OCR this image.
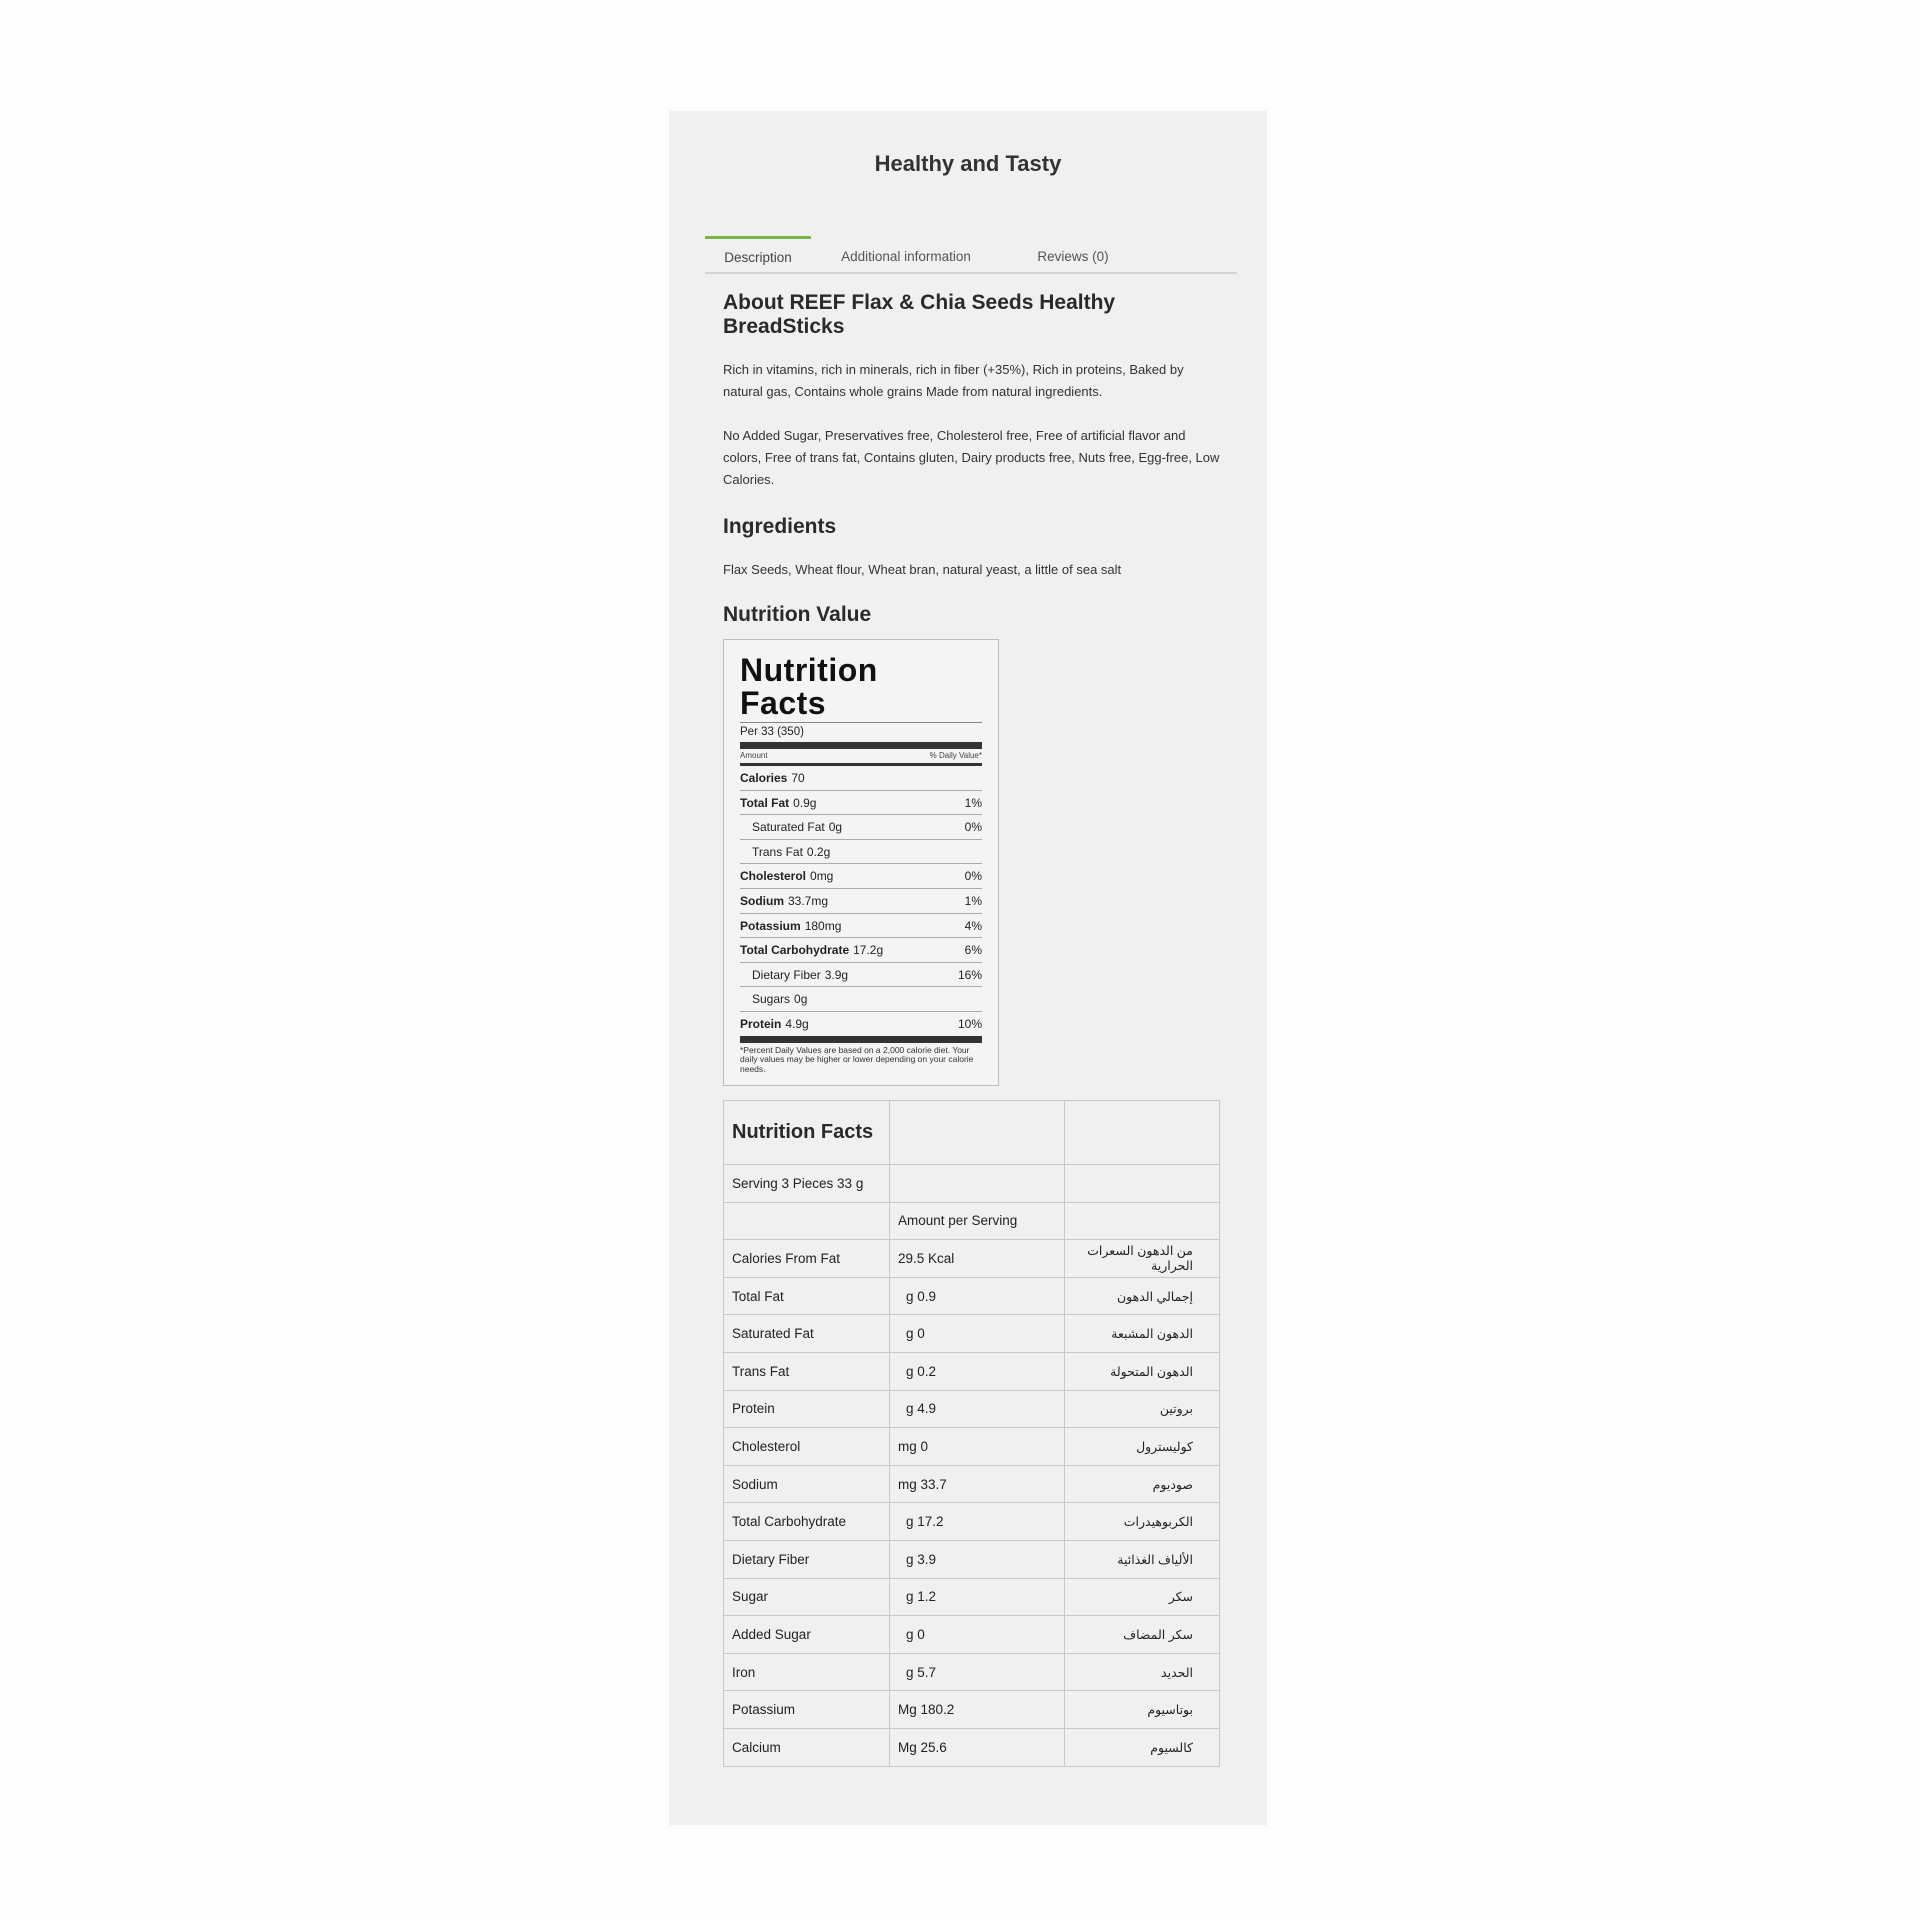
Healthy and Tasty
Description	Additional information	Reviews (0)
About REEF Flax & Chia Seeds Healthy BreadSticks

Rich in vitamins, rich in minerals, rich in fiber (+35%), Rich in proteins, Baked by natural gas, Contains whole grains Made from natural ingredients.

No Added Sugar, Preservatives free, Cholesterol free, Free of artificial flavor and colors, Free of trans fat, Contains gluten, Dairy products free, Nuts free, Egg-free, Low Calories.

Ingredients

Flax Seeds, Wheat flour, Wheat bran, natural yeast, a little of sea salt

Nutrition Value
Nutrition
Facts
Per 33 (350)
Amount	% Daily Value*
Calories 70
Total Fat 0.9g	1%
Saturated Fat 0g	0%
Trans Fat 0.2g
Cholesterol 0mg	0%
Sodium 33.7mg	1%
Potassium 180mg	4%
Total Carbohydrate 17.2g	6%
Dietary Fiber 3.9g	16%
Sugars 0g
Protein 4.9g	10%
*Percent Daily Values are based on a 2,000 calorie diet. Your daily values may be higher or lower depending on your calorie needs.
Nutrition Facts		
Serving 3 Pieces 33 g		
	Amount per Serving	
Calories From Fat	29.5 Kcal	من الدهون السعرات الحرارية
Total Fat	g 0.9	إجمالي الدهون
Saturated Fat	g 0	الدهون المشبعة
Trans Fat	g 0.2	الدهون المتحولة
Protein	g 4.9	بروتين
Cholesterol	mg 0	كوليسترول
Sodium	mg 33.7	صوديوم
Total Carbohydrate	g 17.2	الكربوهيدرات
Dietary Fiber	g 3.9	الألياف الغذائية
Sugar	g 1.2	سكر
Added Sugar	g 0	سكر المضاف
Iron	g 5.7	الحديد
Potassium	Mg 180.2	بوتاسيوم
Calcium	Mg 25.6	كالسيوم
